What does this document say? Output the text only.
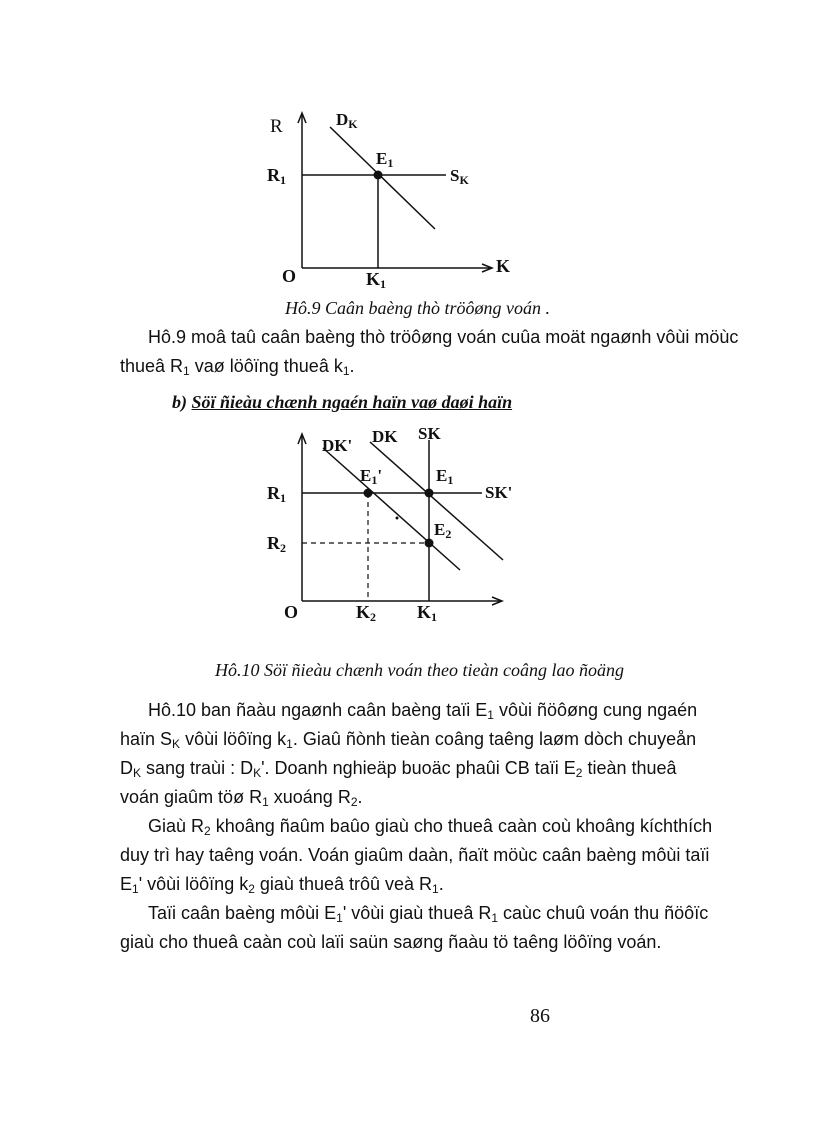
R	DK
E1
R1	SK
O	K1
K
Hô.9 Caân baèng thò tröôøng voán .
Hô.9 moâ taû caân baèng thò tröôøng voán cuûa moät ngaønh vôùi möùc
thueâ $R_1$ vaø löôïng thueâ $k_1$.
b) Söï ñieàu chænh ngaén haïn vaø daøi haïn
DK' DK SK
E1'	E1
SK'
E2
R1
R2
O	K2 K1
Hô.10 Söï ñieàu chænh voán theo tieàn coâng lao ñoäng
Hô.10 ban ñaàu ngaønh caân baèng taïi $E_1$ vôùi ñöôøng cung ngaén
haïn $S_K$ vôùi löôïng $k_1$. Giaû ñònh tieàn coâng taêng laøm dòch chuyeån
$D_K$ sang traùi : $D_K'$. Doanh nghieäp buoäc phaûi CB taïi $E_2$ tieàn thueâ
voán giaûm töø $R_1$ xuoáng $R_2$.
Giaù $R_2$ khoâng ñaûm baûo giaù cho thueâ caàn coù khoâng kíchthích
duy trì hay taêng voán. Voán giaûm daàn, ñaït möùc caân baèng môùi taïi
$E_1'$ vôùi löôïng $k_2$ giaù thueâ trôû veà $R_1$.
Taïi caân baèng môùi $E_1'$ vôùi giaù thueâ $R_1$ caùc chuû voán thu ñöôïc
giaù cho thueâ caàn coù laïi saün saøng ñaàu tö taêng löôïng voán.
86
